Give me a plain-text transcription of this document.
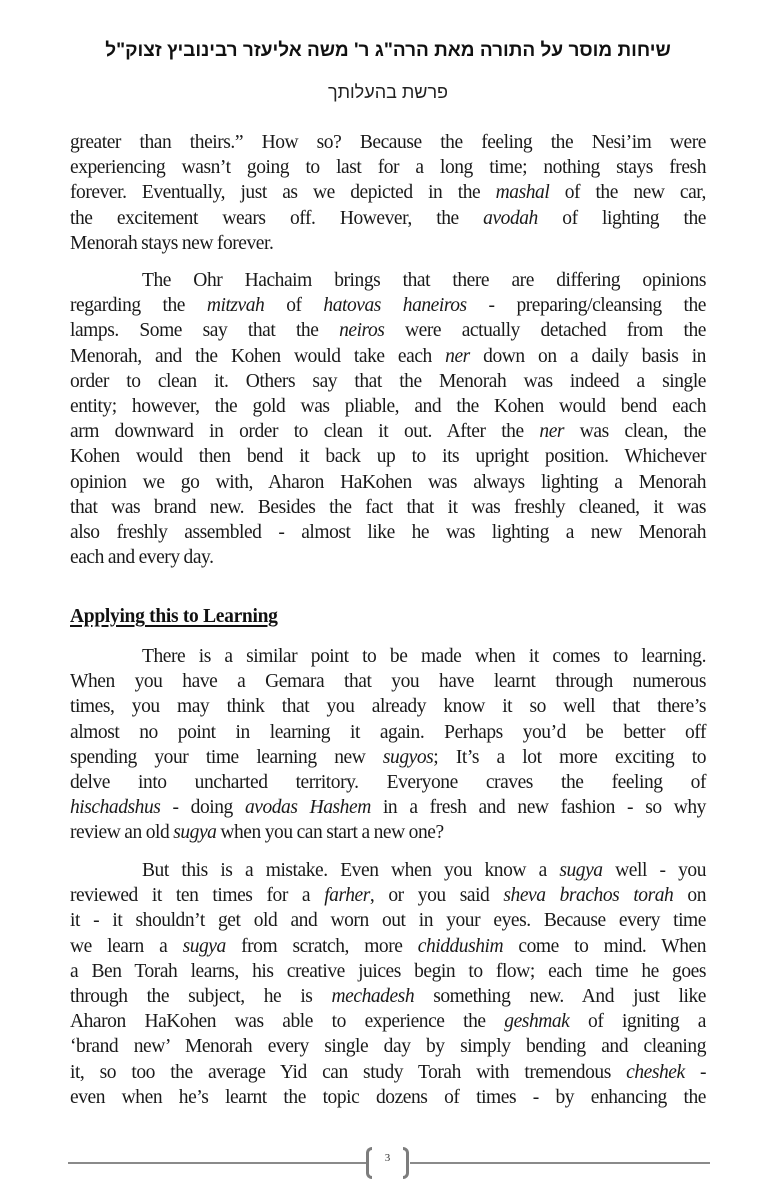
שיחות מוסר על התורה מאת הרה"ג ר' משה אליעזר רבינוביץ זצוק"ל
פרשת בהעלותך
greater than theirs.” How so? Because the feeling the Nesi’im were
experiencing wasn’t going to last for a long time; nothing stays fresh
forever. Eventually, just as we depicted in the mashal of the new car,
the excitement wears off. However, the avodah of lighting the
Menorah stays new forever.
The Ohr Hachaim brings that there are differing opinions
regarding the mitzvah of hatovas haneiros - preparing/cleansing the
lamps. Some say that the neiros were actually detached from the
Menorah, and the Kohen would take each ner down on a daily basis in
order to clean it. Others say that the Menorah was indeed a single
entity; however, the gold was pliable, and the Kohen would bend each
arm downward in order to clean it out. After the ner was clean, the
Kohen would then bend it back up to its upright position. Whichever
opinion we go with, Aharon HaKohen was always lighting a Menorah
that was brand new. Besides the fact that it was freshly cleaned, it was
also freshly assembled - almost like he was lighting a new Menorah
each and every day.
Applying this to Learning
There is a similar point to be made when it comes to learning.
When you have a Gemara that you have learnt through numerous
times, you may think that you already know it so well that there’s
almost no point in learning it again. Perhaps you’d be better off
spending your time learning new sugyos; It’s a lot more exciting to
delve into uncharted territory. Everyone craves the feeling of
hischadshus - doing avodas Hashem in a fresh and new fashion - so why
review an old sugya when you can start a new one?
But this is a mistake. Even when you know a sugya well - you
reviewed it ten times for a farher, or you said sheva brachos torah on
it - it shouldn’t get old and worn out in your eyes. Because every time
we learn a sugya from scratch, more chiddushim come to mind. When
a Ben Torah learns, his creative juices begin to flow; each time he goes
through the subject, he is mechadesh something new. And just like
Aharon HaKohen was able to experience the geshmak of igniting a
‘brand new’ Menorah every single day by simply bending and cleaning
it, so too the average Yid can study Torah with tremendous cheshek -
even when he’s learnt the topic dozens of times - by enhancing the
3
